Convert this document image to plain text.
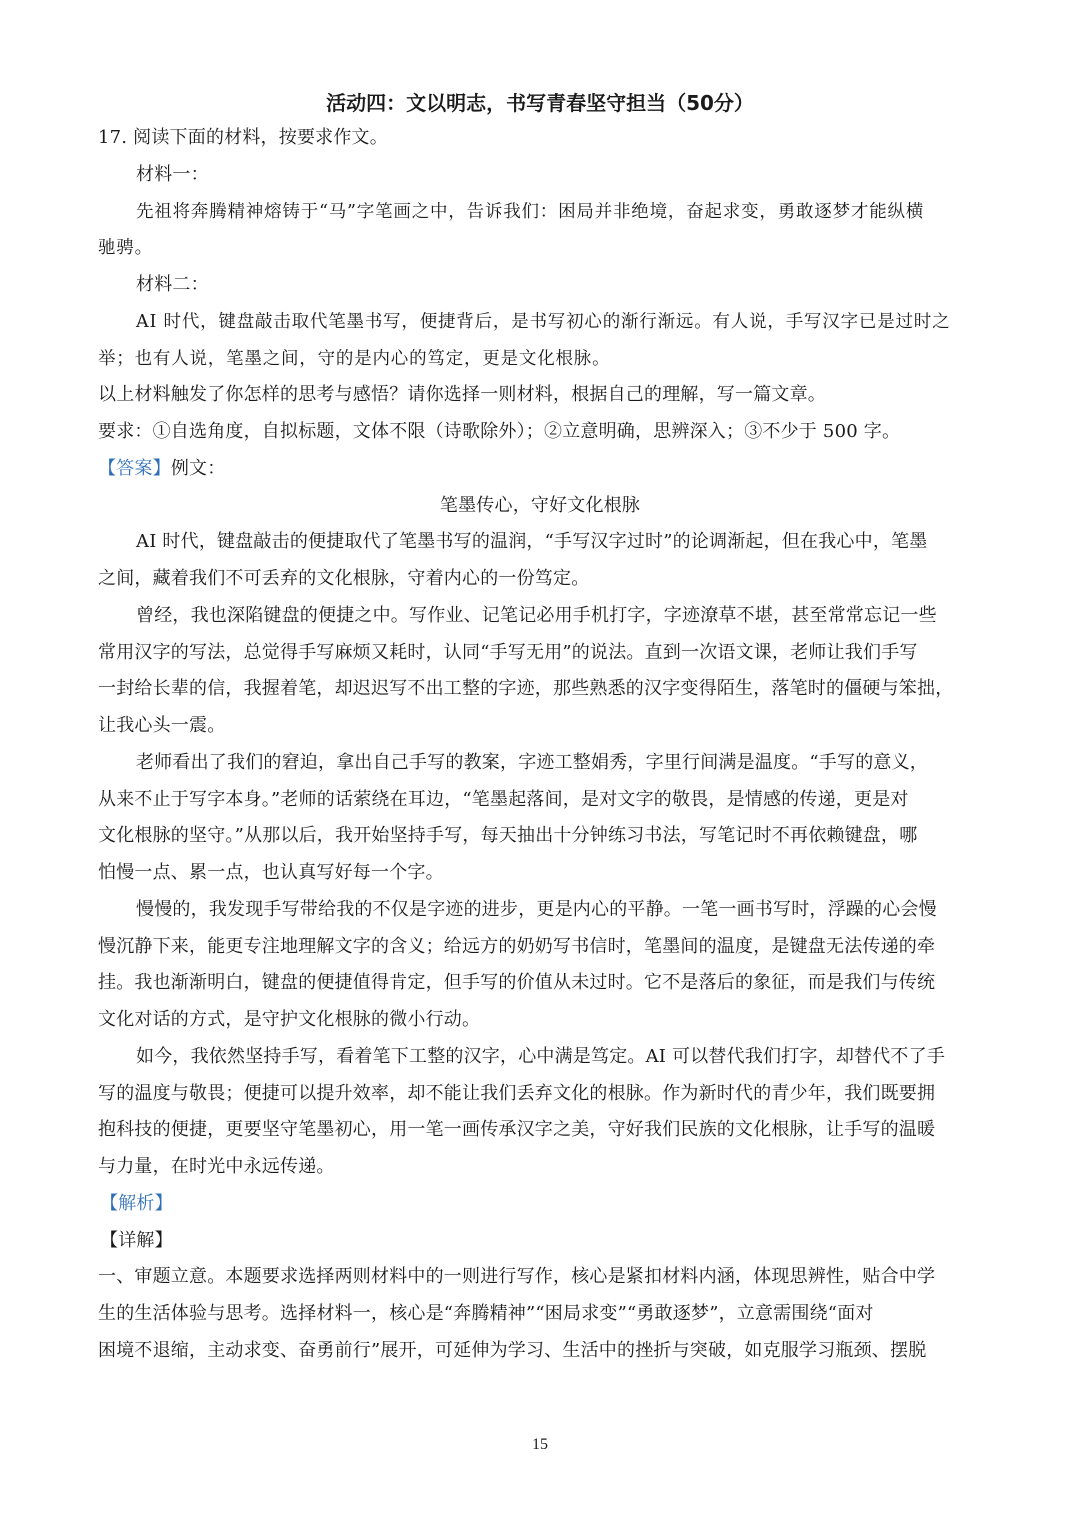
活动四：文以明志，书写青春坚守担当（50分）
17. 阅读下面的材料，按要求作文。
材料一：
先祖将奔腾精神熔铸于“马”字笔画之中，告诉我们：困局并非绝境，奋起求变，勇敢逐梦才能纵横
驰骋。
材料二：
AI 时代，键盘敲击取代笔墨书写，便捷背后，是书写初心的渐行渐远。有人说，手写汉字已是过时之
举；也有人说，笔墨之间，守的是内心的笃定，更是文化根脉。
以上材料触发了你怎样的思考与感悟？请你选择一则材料，根据自己的理解，写一篇文章。
要求：①自选角度，自拟标题，文体不限（诗歌除外）；②立意明确，思辨深入；③不少于 500 字。
【答案】例文：
笔墨传心，守好文化根脉
AI 时代，键盘敲击的便捷取代了笔墨书写的温润，“手写汉字过时”的论调渐起，但在我心中，笔墨
之间，藏着我们不可丢弃的文化根脉，守着内心的一份笃定。
曾经，我也深陷键盘的便捷之中。写作业、记笔记必用手机打字，字迹潦草不堪，甚至常常忘记一些
常用汉字的写法，总觉得手写麻烦又耗时，认同“手写无用”的说法。直到一次语文课，老师让我们手写
一封给长辈的信，我握着笔，却迟迟写不出工整的字迹，那些熟悉的汉字变得陌生，落笔时的僵硬与笨拙，
让我心头一震。
老师看出了我们的窘迫，拿出自己手写的教案，字迹工整娟秀，字里行间满是温度。“手写的意义，
从来不止于写字本身。”老师的话萦绕在耳边，“笔墨起落间，是对文字的敬畏，是情感的传递，更是对
文化根脉的坚守。”从那以后，我开始坚持手写，每天抽出十分钟练习书法，写笔记时不再依赖键盘，哪
怕慢一点、累一点，也认真写好每一个字。
慢慢的，我发现手写带给我的不仅是字迹的进步，更是内心的平静。一笔一画书写时，浮躁的心会慢
慢沉静下来，能更专注地理解文字的含义；给远方的奶奶写书信时，笔墨间的温度，是键盘无法传递的牵
挂。我也渐渐明白，键盘的便捷值得肯定，但手写的价值从未过时。它不是落后的象征，而是我们与传统
文化对话的方式，是守护文化根脉的微小行动。
如今，我依然坚持手写，看着笔下工整的汉字，心中满是笃定。AI 可以替代我们打字，却替代不了手
写的温度与敬畏；便捷可以提升效率，却不能让我们丢弃文化的根脉。作为新时代的青少年，我们既要拥
抱科技的便捷，更要坚守笔墨初心，用一笔一画传承汉字之美，守好我们民族的文化根脉，让手写的温暖
与力量，在时光中永远传递。
【解析】
【详解】
一、审题立意。本题要求选择两则材料中的一则进行写作，核心是紧扣材料内涵，体现思辨性，贴合中学
生的生活体验与思考。选择材料一，核心是“奔腾精神”“困局求变”“勇敢逐梦”，立意需围绕“面对
困境不退缩，主动求变、奋勇前行”展开，可延伸为学习、生活中的挫折与突破，如克服学习瓶颈、摆脱
15
